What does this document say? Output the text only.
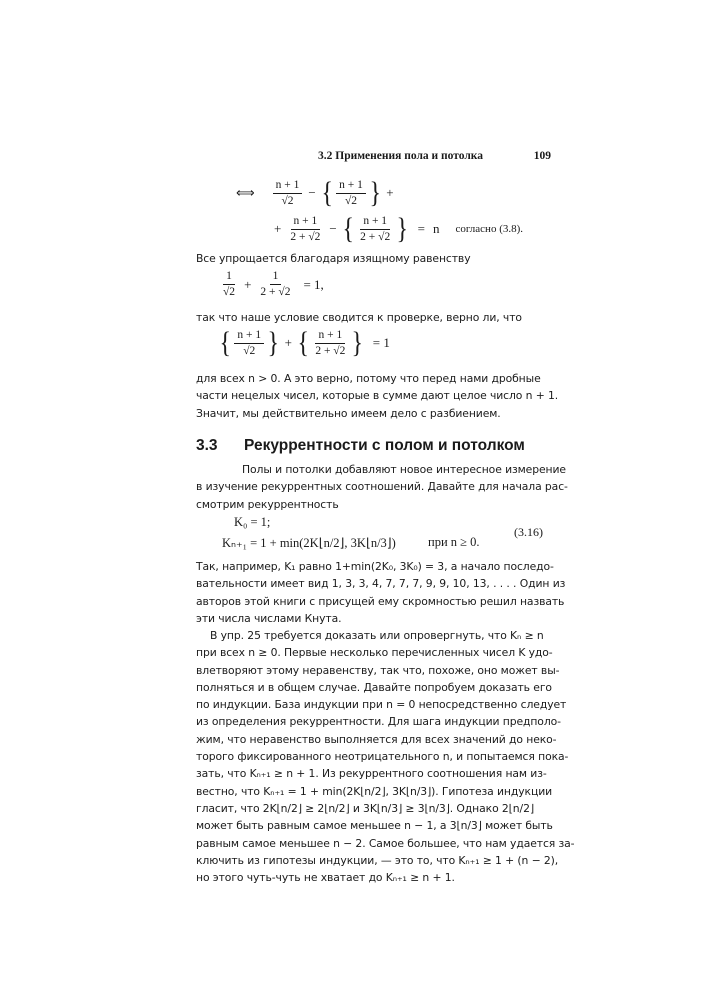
3.2 Применения пола и потолка	109
⟺ $\frac{n + 1}{√2}$ − { $\frac{n + 1}{√2}$ } +
+ $\frac{n + 1}{2 + √2}$ − { $\frac{n + 1}{2 + √2}$ } = n согласно (3.8).
Все упрощается благодаря изящному равенству
$\frac{1}{√2} + \frac{1}{2 + √2} = 1$,
так что наше условие сводится к проверке, верно ли, что
{ $\frac{n + 1}{√2}$ } + { $\frac{n + 1}{2 + √2}$ } = 1
для всех n > 0. А это верно, потому что перед нами дробные
части нецелых чисел, которые в сумме дают целое число n + 1.
Значит, мы действительно имеем дело с разбиением.
3.3 Рекуррентности с полом и потолком
Полы и потолки добавляют новое интересное измерение
в изучение рекуррентных соотношений. Давайте для начала рас-
смотрим рекуррентность
K₀ = 1;
Kₙ₊₁ = 1 + min(2K⌊n/2⌋, 3K⌊n/3⌋)	при n ≥ 0.
(3.16)
Так, например, K₁ равно 1+min(2K₀, 3K₀) = 3, а начало последо-
вательности имеет вид 1, 3, 3, 4, 7, 7, 7, 9, 9, 10, 13, . . . . Один из
авторов этой книги с присущей ему скромностью решил назвать
эти числа числами Кнута.
В упр. 25 требуется доказать или опровергнуть, что Kₙ ≥ n
при всех n ≥ 0. Первые несколько перечисленных чисел K удо-
влетворяют этому неравенству, так что, похоже, оно может вы-
полняться и в общем случае. Давайте попробуем доказать его
по индукции. База индукции при n = 0 непосредственно следует
из определения рекуррентности. Для шага индукции предполо-
жим, что неравенство выполняется для всех значений до неко-
торого фиксированного неотрицательного n, и попытаемся пока-
зать, что Kₙ₊₁ ≥ n + 1. Из рекуррентного соотношения нам из-
вестно, что Kₙ₊₁ = 1 + min(2K⌊n/2⌋, 3K⌊n/3⌋). Гипотеза индукции
гласит, что 2K⌊n/2⌋ ≥ 2⌊n/2⌋ и 3K⌊n/3⌋ ≥ 3⌊n/3⌋. Однако 2⌊n/2⌋
может быть равным самое меньшее n − 1, а 3⌊n/3⌋ может быть
равным самое меньшее n − 2. Самое большее, что нам удается за-
ключить из гипотезы индукции, — это то, что Kₙ₊₁ ≥ 1 + (n − 2),
но этого чуть-чуть не хватает до Kₙ₊₁ ≥ n + 1.
